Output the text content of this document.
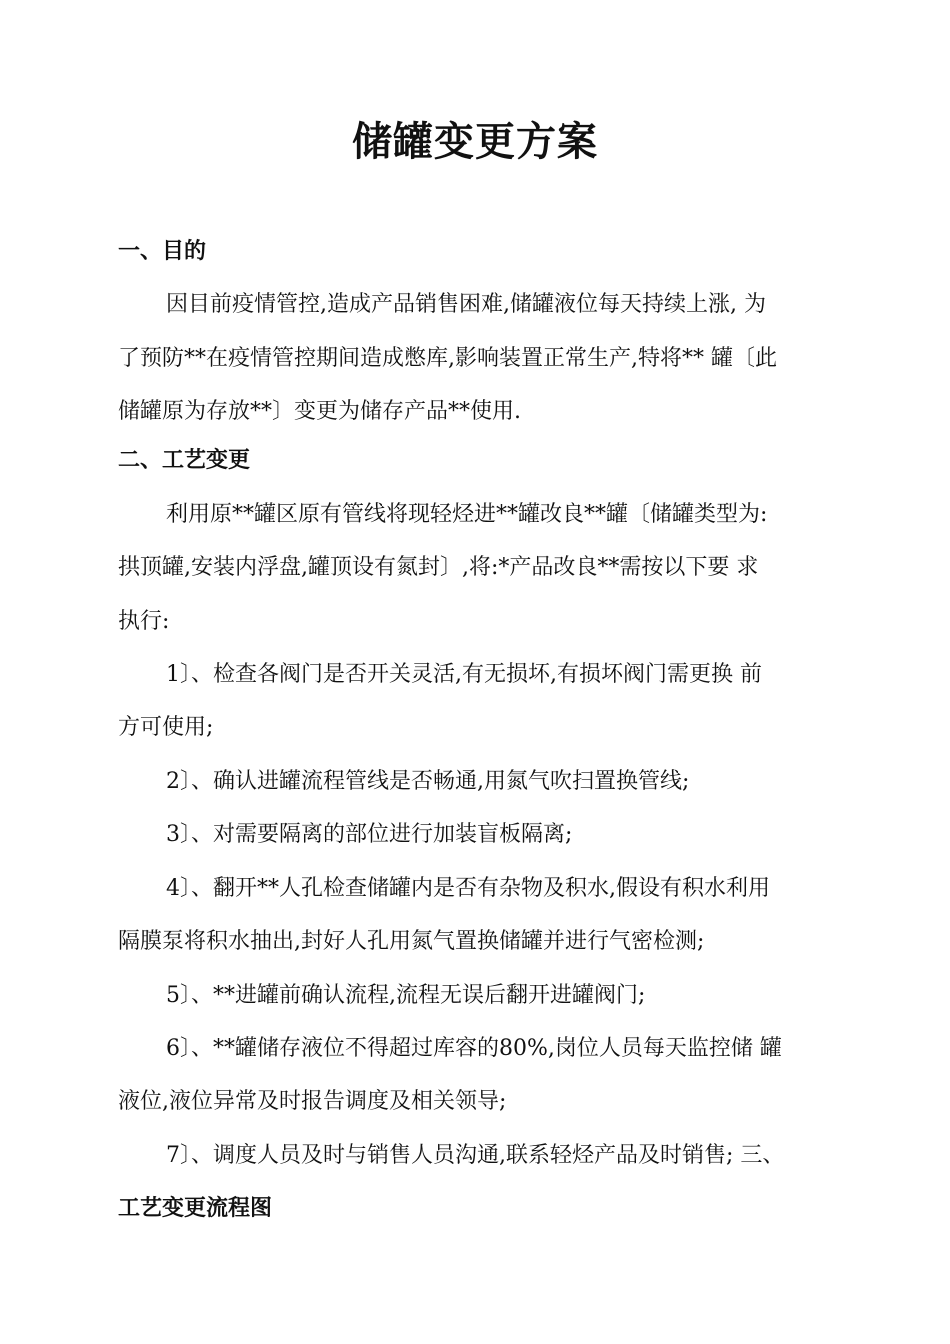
储罐变更方案
一、目的
因目前疫情管控,造成产品销售困难,储罐液位每天持续上涨, 为
了预防**在疫情管控期间造成憋库,影响装置正常生产,特将** 罐〔此
储罐原为存放**〕变更为储存产品**使用.
二、工艺变更
利用原**罐区原有管线将现轻烃进**罐改良**罐〔储罐类型为:
拱顶罐,安装内浮盘,罐顶设有氮封〕,将:*产品改良**需按以下要 求
执行:
1〕、检查各阀门是否开关灵活,有无损坏,有损坏阀门需更换 前
方可使用;
2〕、确认进罐流程管线是否畅通,用氮气吹扫置换管线;
3〕、对需要隔离的部位进行加装盲板隔离;
4〕、翻开**人孔检查储罐内是否有杂物及积水,假设有积水利用
隔膜泵将积水抽出,封好人孔用氮气置换储罐并进行气密检测;
5〕、**进罐前确认流程,流程无误后翻开进罐阀门;
6〕、**罐储存液位不得超过库容的80%,岗位人员每天监控储 罐
液位,液位异常及时报告调度及相关领导;
7〕、调度人员及时与销售人员沟通,联系轻烃产品及时销售; 三、
工艺变更流程图
